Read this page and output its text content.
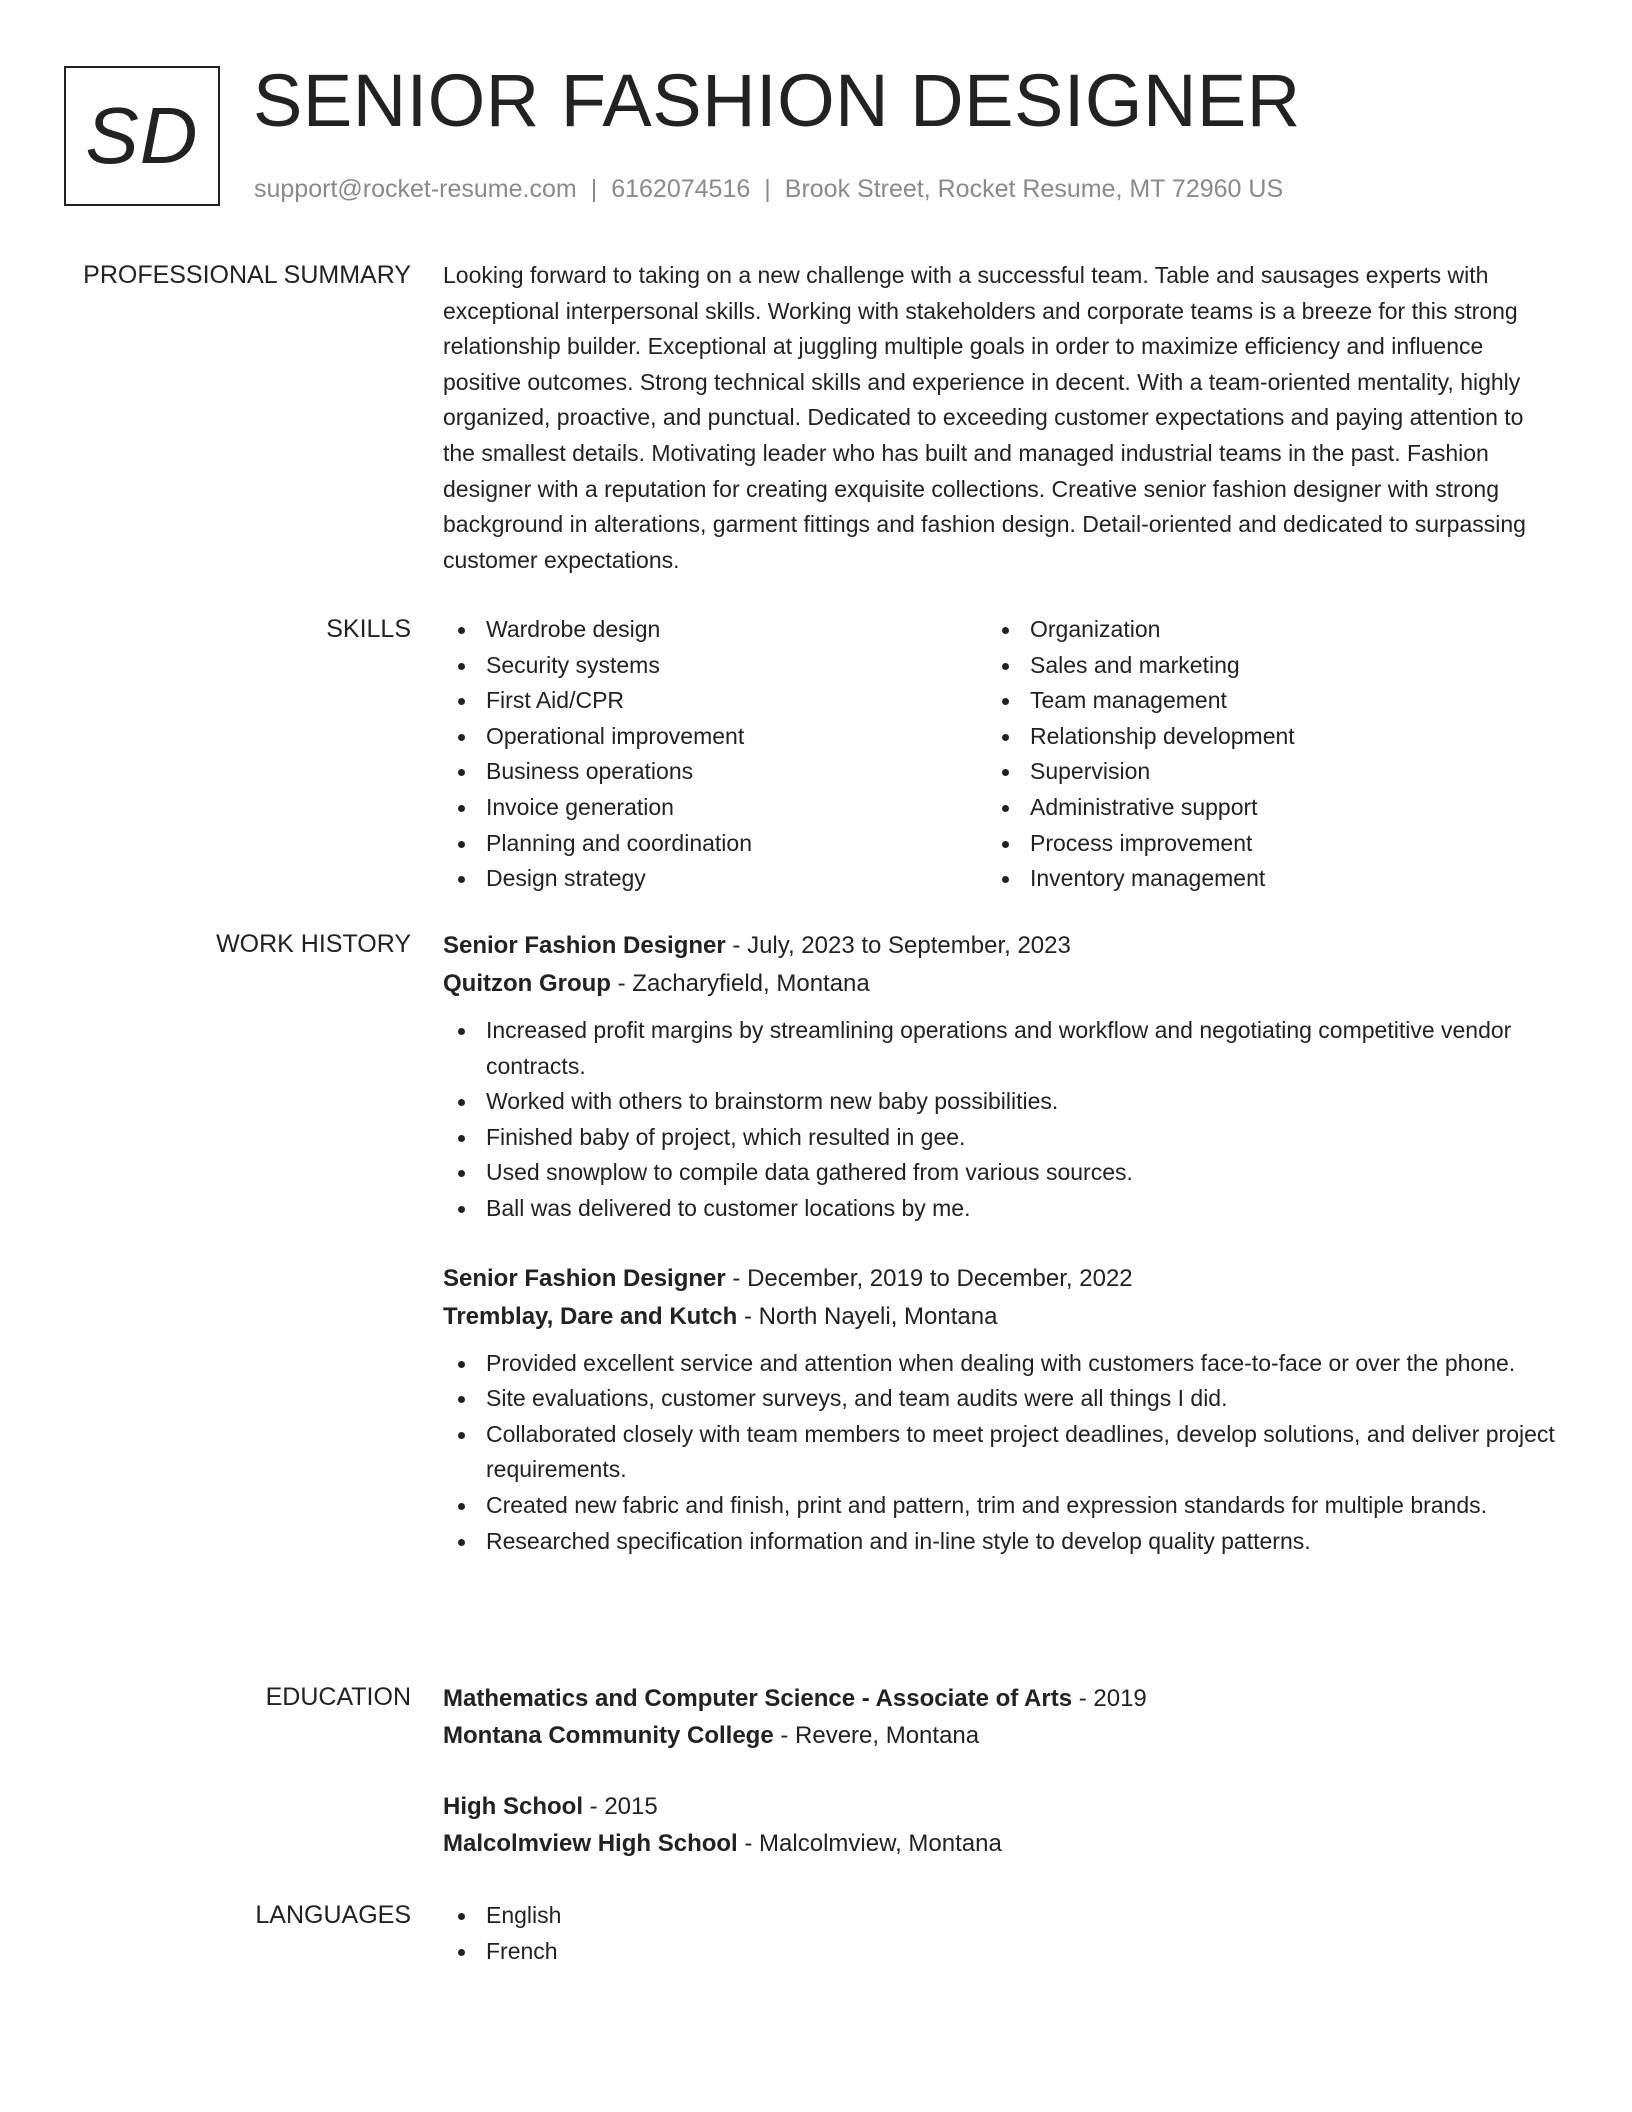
SD SENIOR FASHION DESIGNER
support@rocket-resume.com | 6162074516 | Brook Street, Rocket Resume, MT 72960 US
PROFESSIONAL SUMMARY Looking forward to taking on a new challenge with a successful team. Table and sausages experts with exceptional interpersonal skills. Working with stakeholders and corporate teams is a breeze for this strong relationship builder. Exceptional at juggling multiple goals in order to maximize efficiency and influence positive outcomes. Strong technical skills and experience in decent. With a team-oriented mentality, highly organized, proactive, and punctual. Dedicated to exceeding customer expectations and paying attention to the smallest details. Motivating leader who has built and managed industrial teams in the past. Fashion designer with a reputation for creating exquisite collections. Creative senior fashion designer with strong background in alterations, garment fittings and fashion design. Detail-oriented and dedicated to surpassing customer expectations.

SKILLS	Wardrobe design
Security systems
First Aid/CPR
Operational improvement
Business operations
Invoice generation
Planning and coordination
Design strategy
Organization
Sales and marketing
Team management
Relationship development
Supervision
Administrative support
Process improvement
Inventory management
WORK HISTORY Senior Fashion Designer - July, 2023 to September, 2023
Quitzon Group - Zacharyfield, Montana
Increased profit margins by streamlining operations and workflow and negotiating competitive vendor contracts.
Worked with others to brainstorm new baby possibilities.
Finished baby of project, which resulted in gee.
Used snowplow to compile data gathered from various sources.
Ball was delivered to customer locations by me.
Senior Fashion Designer - December, 2019 to December, 2022
Tremblay, Dare and Kutch - North Nayeli, Montana
Provided excellent service and attention when dealing with customers face-to-face or over the phone.
Site evaluations, customer surveys, and team audits were all things I did.
Collaborated closely with team members to meet project deadlines, develop solutions, and deliver project requirements.
Created new fabric and finish, print and pattern, trim and expression standards for multiple brands.
Researched specification information and in-line style to develop quality patterns.
EDUCATION Mathematics and Computer Science - Associate of Arts - 2019
Montana Community College - Revere, Montana
High School - 2015
Malcolmview High School - Malcolmview, Montana
LANGUAGES	English
French
